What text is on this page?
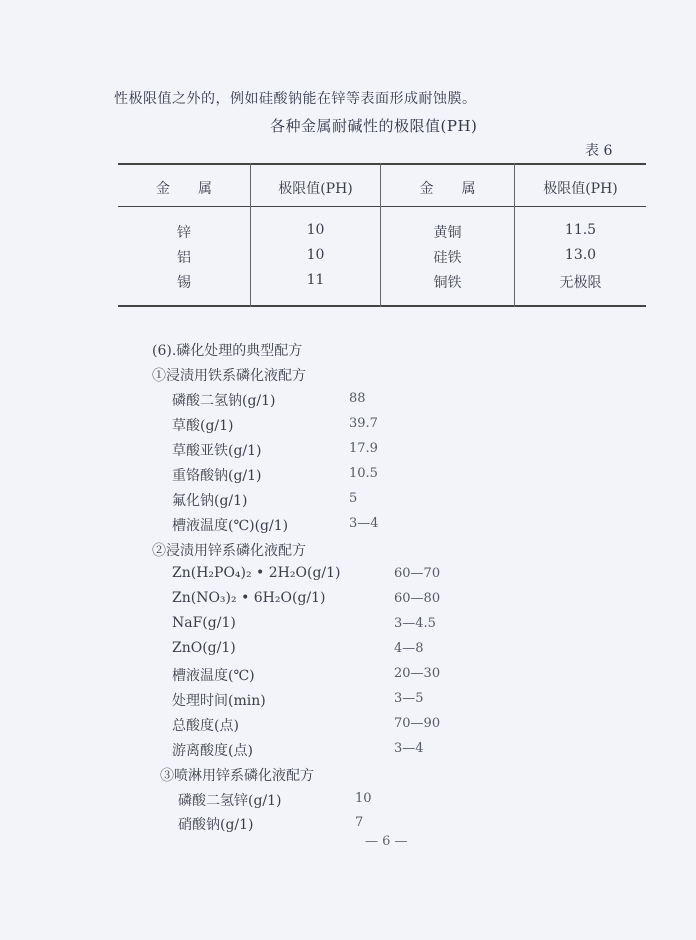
性极限值之外的，例如硅酸钠能在锌等表面形成耐蚀膜。
各种金属耐碱性的极限值(PH)
表 6
金　　属	极限值(PH)	金　　属	极限值(PH)
锌	10	黄铜	11.5
铝	10	硅铁	13.0
锡	11	铜铁	无极限
(6).磷化处理的典型配方
①浸渍用铁系磷化液配方
磷酸二氢钠(g/1)	88
草酸(g/1)	39.7
草酸亚铁(g/1)	17.9
重铬酸钠(g/1)	10.5
氟化钠(g/1)	5
槽液温度(℃)(g/1)	3—4
②浸渍用锌系磷化液配方
Zn(H₂PO₄)₂ • 2H₂O(g/1)	60—70
Zn(NO₃)₂ • 6H₂O(g/1)	60—80
NaF(g/1)	3—4.5
ZnO(g/1)	4—8
槽液温度(℃)	20—30
处理时间(min)	3—5
总酸度(点)	70—90
游离酸度(点)	3—4
③喷淋用锌系磷化液配方
磷酸二氢锌(g/1)	10
硝酸钠(g/1)	7
— 6 —
